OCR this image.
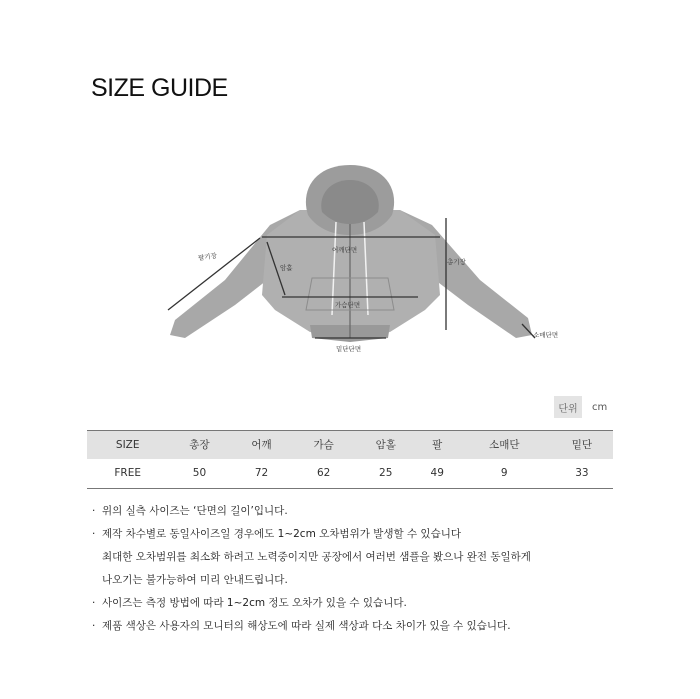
SIZE GUIDE
팔기장
암홀
어깨단면
가슴단면
총기장
밑단단면
소매단면
단위	cm
SIZE	총장	어깨	가슴	암홀	팔	소매단	밑단
FREE	50	72	62	25	49	9	33
· 위의 실측 사이즈는 ‘단면의 길이’입니다.
· 제작 차수별로 동일사이즈일 경우에도 1~2cm 오차범위가 발생할 수 있습니다
최대한 오차범위를 최소화 하려고 노력중이지만 공장에서 여러번 샘플을 봤으나 완전 동일하게
나오기는 불가능하여 미리 안내드립니다.
· 사이즈는 측정 방법에 따라 1~2cm 정도 오차가 있을 수 있습니다.
· 제품 색상은 사용자의 모니터의 해상도에 따라 실제 색상과 다소 차이가 있을 수 있습니다.
